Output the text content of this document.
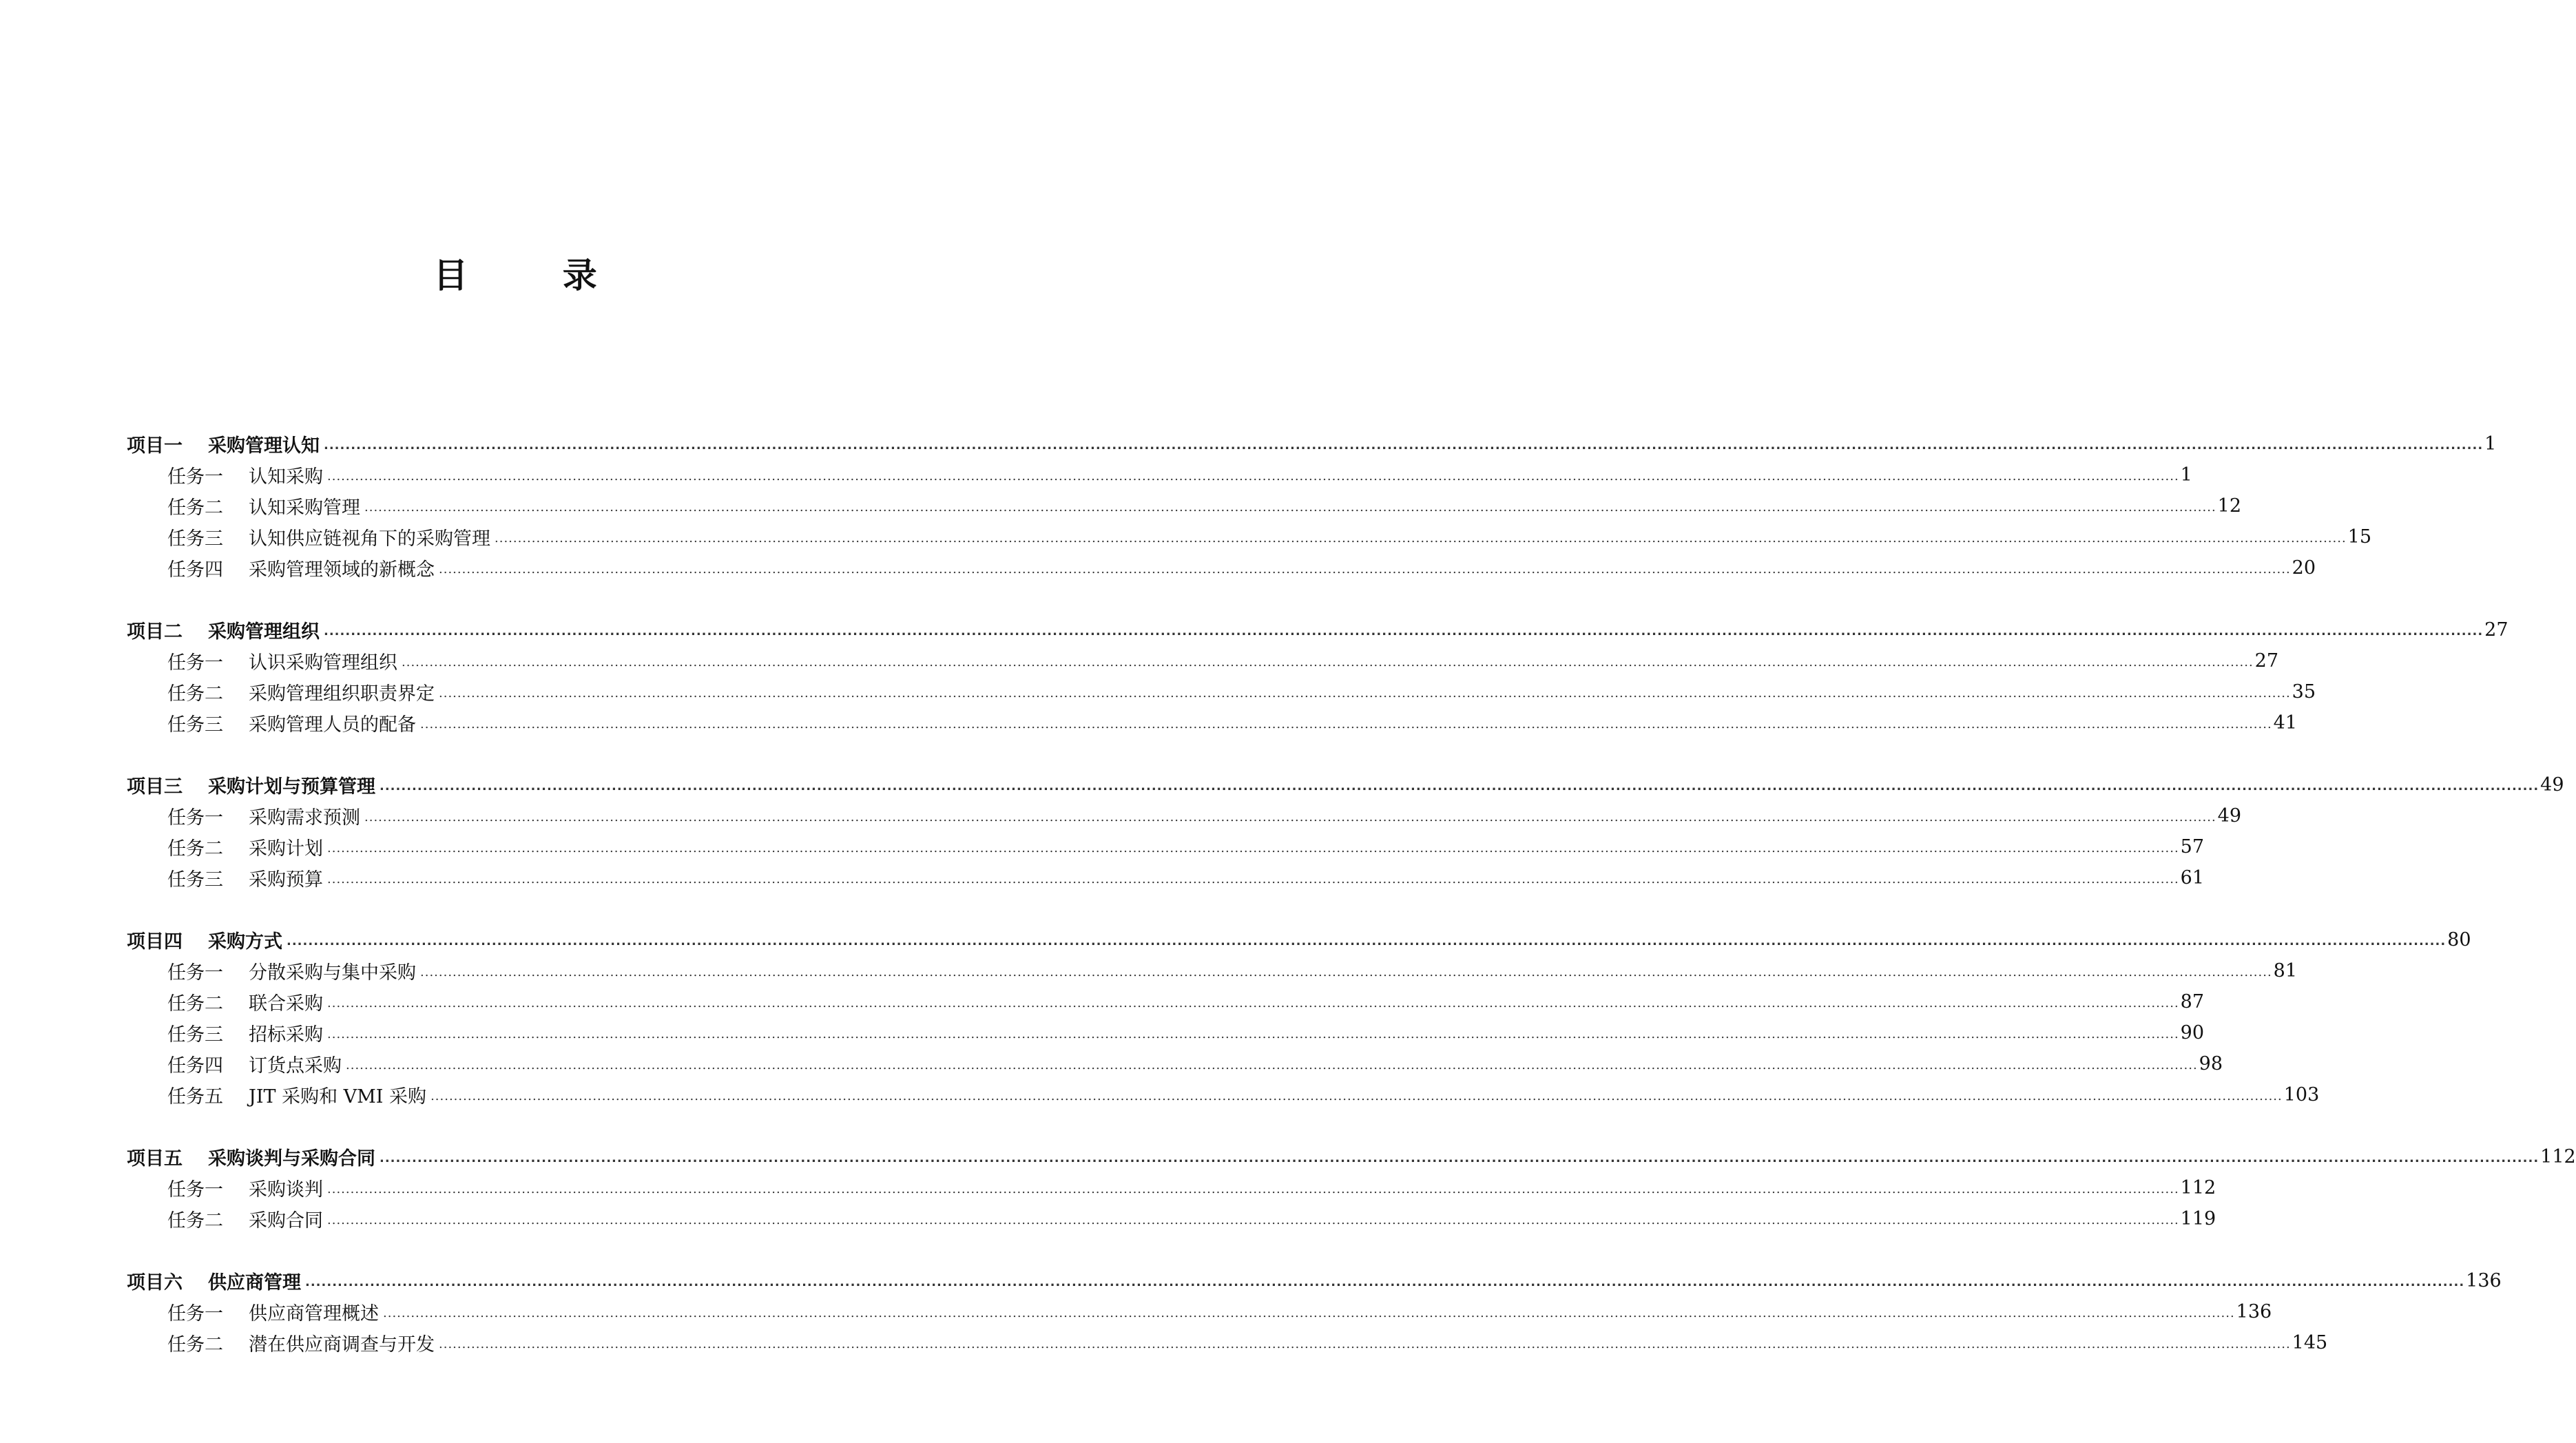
目 录
项目一 采购管理认知 ................................................................................................................................................................................................................................................................................................................................................................................................................ 1
任务一 认知采购 ................................................................................................................................................................................................................................................................................................................................................................................................................ 1
任务二 认知采购管理 ................................................................................................................................................................................................................................................................................................................................................................................................................ 12
任务三 认知供应链视角下的采购管理 ................................................................................................................................................................................................................................................................................................................................................................................................................ 15
任务四 采购管理领域的新概念 ................................................................................................................................................................................................................................................................................................................................................................................................................ 20
项目二 采购管理组织 ................................................................................................................................................................................................................................................................................................................................................................................................................ 27
任务一 认识采购管理组织 ................................................................................................................................................................................................................................................................................................................................................................................................................ 27
任务二 采购管理组织职责界定 ................................................................................................................................................................................................................................................................................................................................................................................................................ 35
任务三 采购管理人员的配备 ................................................................................................................................................................................................................................................................................................................................................................................................................ 41
项目三 采购计划与预算管理 ................................................................................................................................................................................................................................................................................................................................................................................................................ 49
任务一 采购需求预测 ................................................................................................................................................................................................................................................................................................................................................................................................................ 49
任务二 采购计划 ................................................................................................................................................................................................................................................................................................................................................................................................................ 57
任务三 采购预算 ................................................................................................................................................................................................................................................................................................................................................................................................................ 61
项目四 采购方式 ................................................................................................................................................................................................................................................................................................................................................................................................................ 80
任务一 分散采购与集中采购 ................................................................................................................................................................................................................................................................................................................................................................................................................ 81
任务二 联合采购 ................................................................................................................................................................................................................................................................................................................................................................................................................ 87
任务三 招标采购 ................................................................................................................................................................................................................................................................................................................................................................................................................ 90
任务四 订货点采购 ................................................................................................................................................................................................................................................................................................................................................................................................................ 98
任务五 JIT 采购和 VMI 采购 ................................................................................................................................................................................................................................................................................................................................................................................................................ 103
项目五 采购谈判与采购合同 ................................................................................................................................................................................................................................................................................................................................................................................................................ 112
任务一 采购谈判 ................................................................................................................................................................................................................................................................................................................................................................................................................ 112
任务二 采购合同 ................................................................................................................................................................................................................................................................................................................................................................................................................ 119
项目六 供应商管理 ................................................................................................................................................................................................................................................................................................................................................................................................................ 136
任务一 供应商管理概述 ................................................................................................................................................................................................................................................................................................................................................................................................................ 136
任务二 潜在供应商调查与开发 ................................................................................................................................................................................................................................................................................................................................................................................................................ 145
